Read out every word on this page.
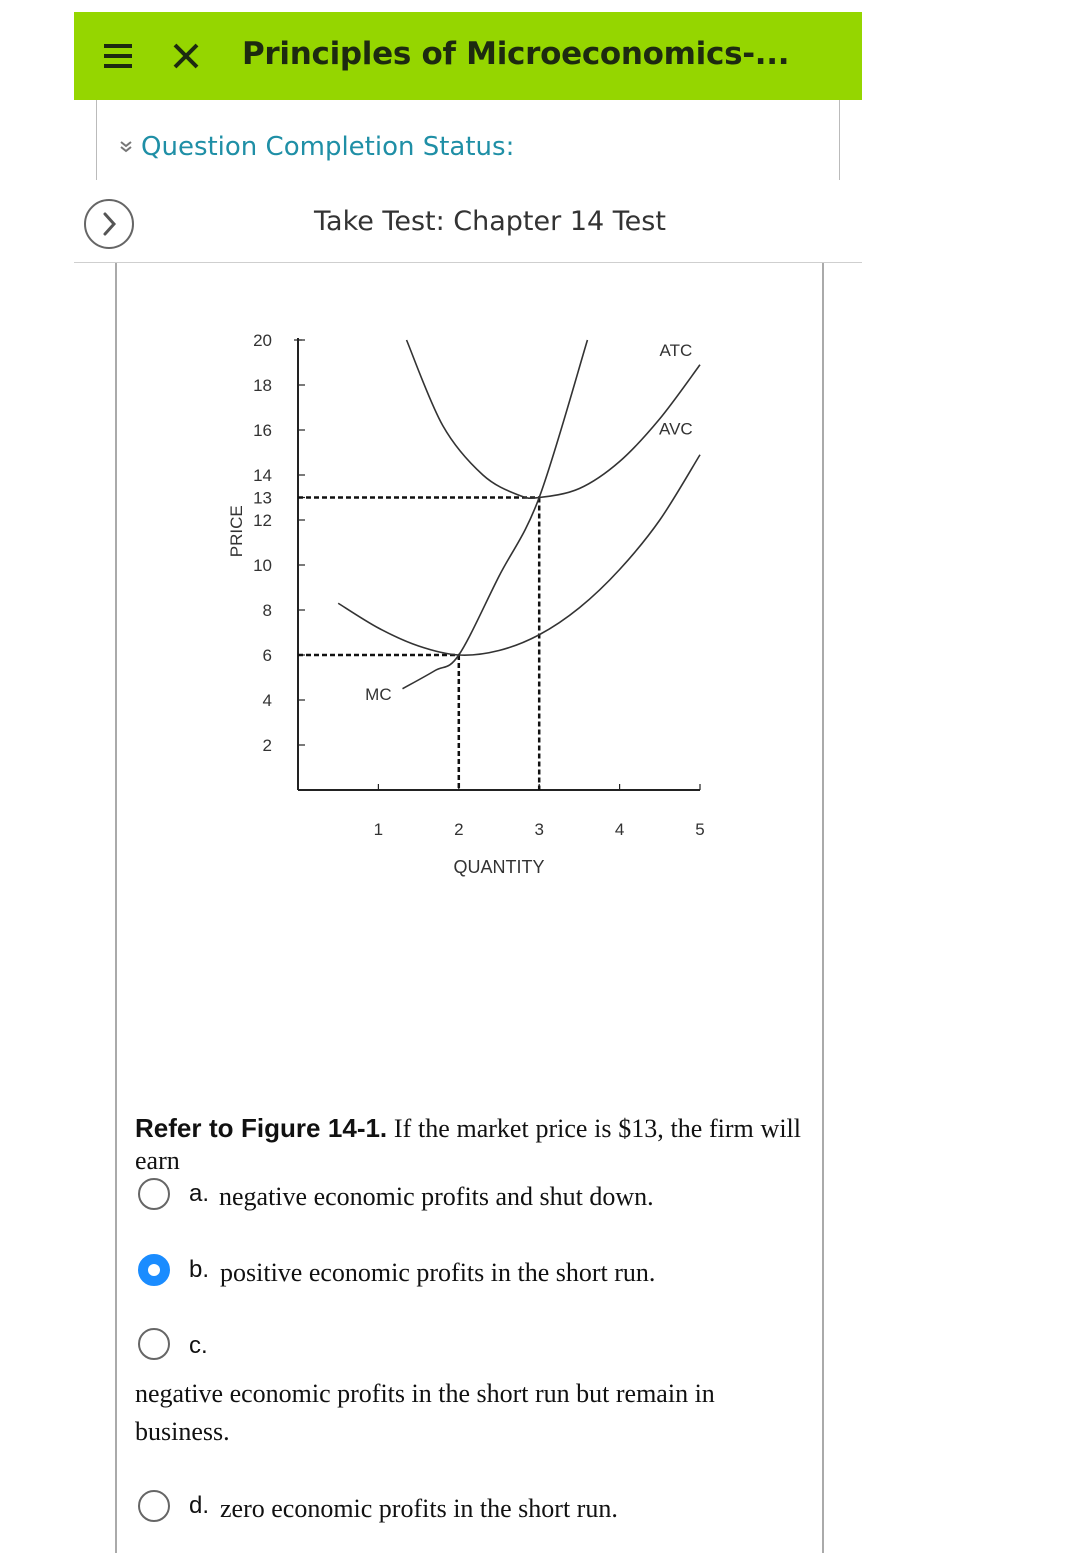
Principles of Microeconomics-...
Question Completion Status:
Take Test: Chapter 14 Test
2
4
6
8
10
12
13
14
16
18
20
1	2	3	4	5
QUANTITY
PRICE
MC
ATC
AVC
Refer to Figure 14-1. If the market price is $13, the firm will earn
a. negative economic profits and shut down.
b. positive economic profits in the short run.
c.
negative economic profits in the short run but remain in business.
d. zero economic profits in the short run.
